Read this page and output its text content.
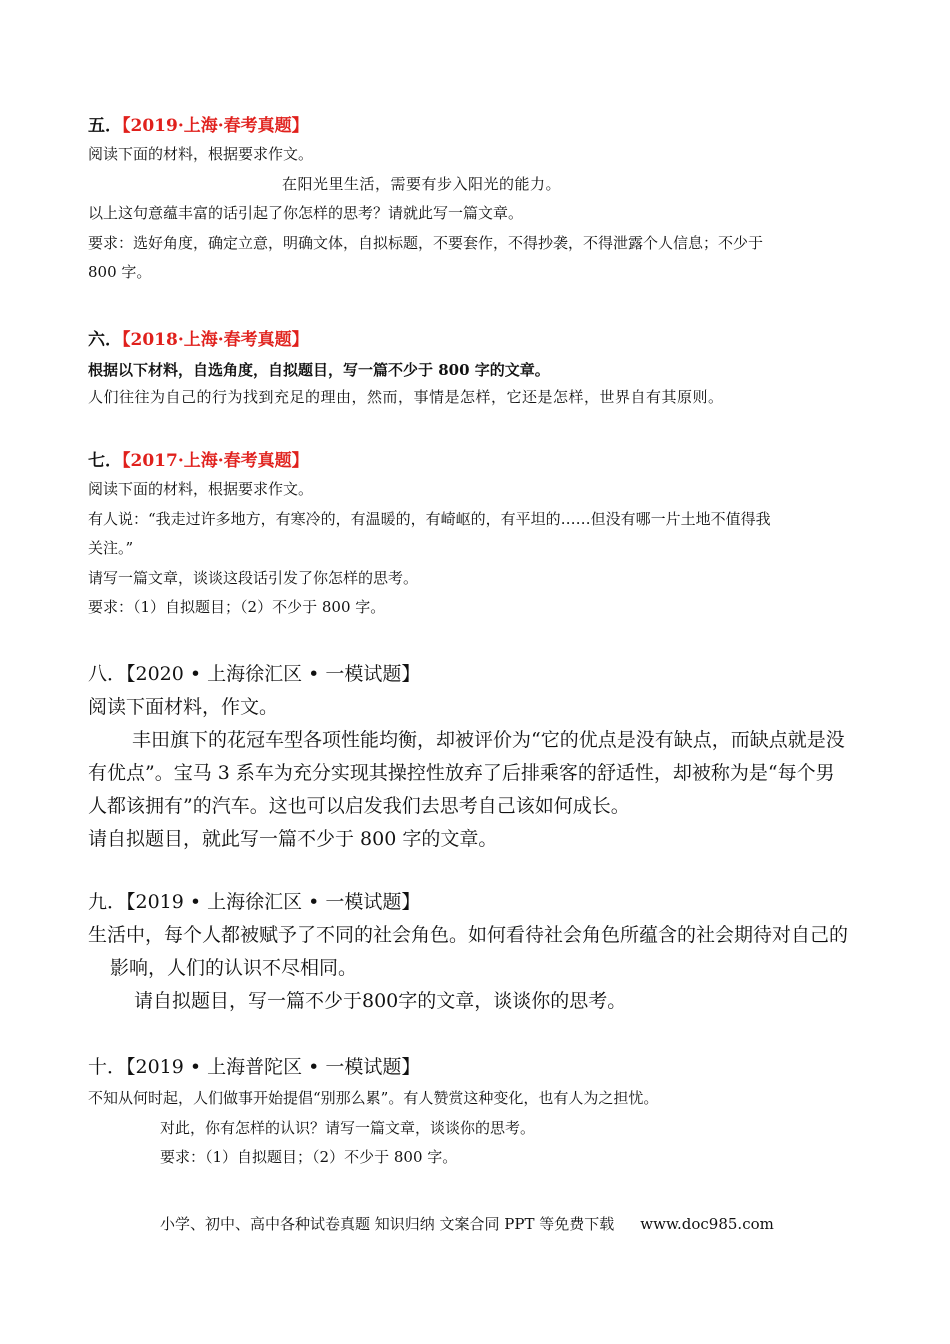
五．【2019·上海·春考真题】
阅读下面的材料，根据要求作文。
在阳光里生活，需要有步入阳光的能力。
以上这句意蕴丰富的话引起了你怎样的思考？请就此写一篇文章。
要求：选好角度，确定立意，明确文体，自拟标题，不要套作，不得抄袭，不得泄露个人信息；不少于
800 字。
六．【2018·上海·春考真题】
根据以下材料，自选角度，自拟题目，写一篇不少于 800 字的文章。
人们往往为自己的行为找到充足的理由，然而，事情是怎样，它还是怎样，世界自有其原则。
七．【2017·上海·春考真题】
阅读下面的材料，根据要求作文。
有人说：“我走过许多地方，有寒冷的，有温暖的，有崎岖的，有平坦的……但没有哪一片土地不值得我
关注。”
请写一篇文章，谈谈这段话引发了你怎样的思考。
要求：（1）自拟题目；（2）不少于 800 字。
八．【2020 • 上海徐汇区 • 一模试题】
阅读下面材料，作文。
丰田旗下的花冠车型各项性能均衡，却被评价为“它的优点是没有缺点，而缺点就是没
有优点”。宝马 3 系车为充分实现其操控性放弃了后排乘客的舒适性，却被称为是“每个男
人都该拥有”的汽车。这也可以启发我们去思考自己该如何成长。
请自拟题目，就此写一篇不少于 800 字的文章。
九．【2019 • 上海徐汇区 • 一模试题】
生活中，每个人都被赋予了不同的社会角色。如何看待社会角色所蕴含的社会期待对自己的
影响，人们的认识不尽相同。
请自拟题目，写一篇不少于800字的文章，谈谈你的思考。
十．【2019 • 上海普陀区 • 一模试题】
不知从何时起，人们做事开始提倡“别那么累”。有人赞赏这种变化，也有人为之担忧。
对此，你有怎样的认识？请写一篇文章，谈谈你的思考。
要求：（1）自拟题目；（2）不少于 800 字。
小学、初中、高中各种试卷真题 知识归纳 文案合同 PPT 等免费下载 www.doc985.com
